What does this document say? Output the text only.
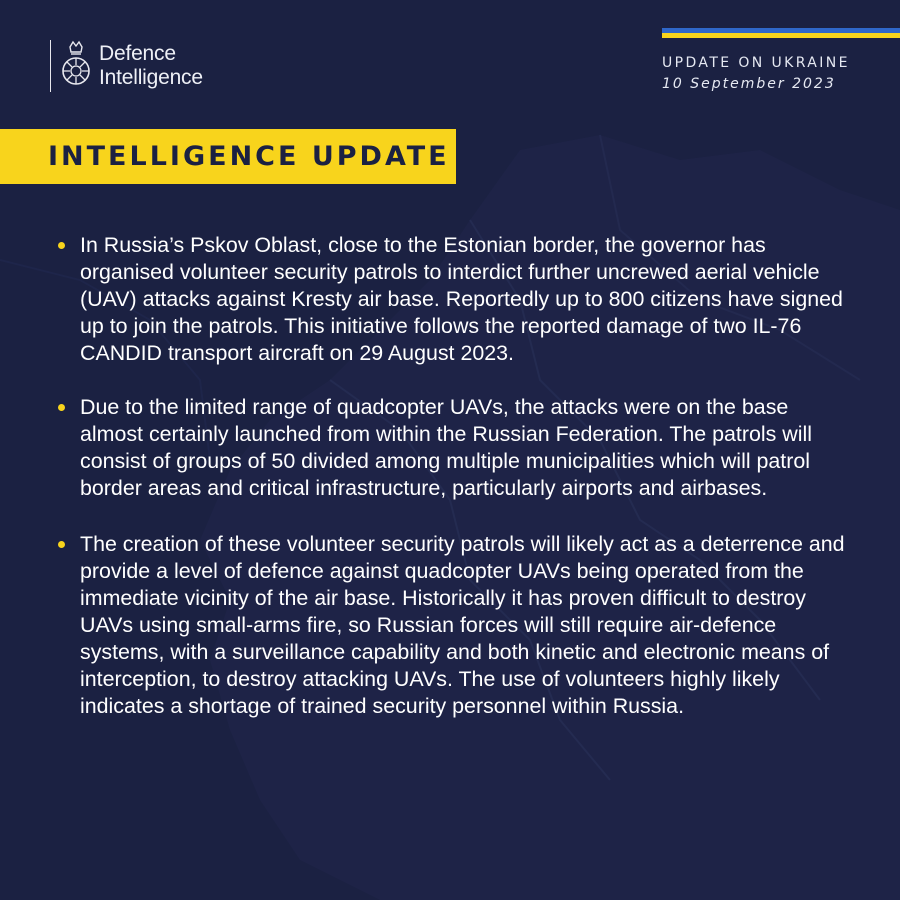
Defence
Intelligence
UPDATE ON UKRAINE
10 September 2023
INTELLIGENCE UPDATE
In Russia’s Pskov Oblast, close to the Estonian border, the governor has organised volunteer security patrols to interdict further uncrewed aerial vehicle (UAV) attacks against Kresty air base. Reportedly up to 800 citizens have signed up to join the patrols. This initiative follows the reported damage of two IL-76 CANDID transport aircraft on 29 August 2023.
Due to the limited range of quadcopter UAVs, the attacks were on the base almost certainly launched from within the Russian Federation. The patrols will consist of groups of 50 divided among multiple municipalities which will patrol border areas and critical infrastructure, particularly airports and airbases.
The creation of these volunteer security patrols will likely act as a deterrence and provide a level of defence against quadcopter UAVs being operated from the immediate vicinity of the air base. Historically it has proven difficult to destroy UAVs using small-arms fire, so Russian forces will still require air-defence systems, with a surveillance capability and both kinetic and electronic means of interception, to destroy attacking UAVs. The use of volunteers highly likely indicates a shortage of trained security personnel within Russia.
